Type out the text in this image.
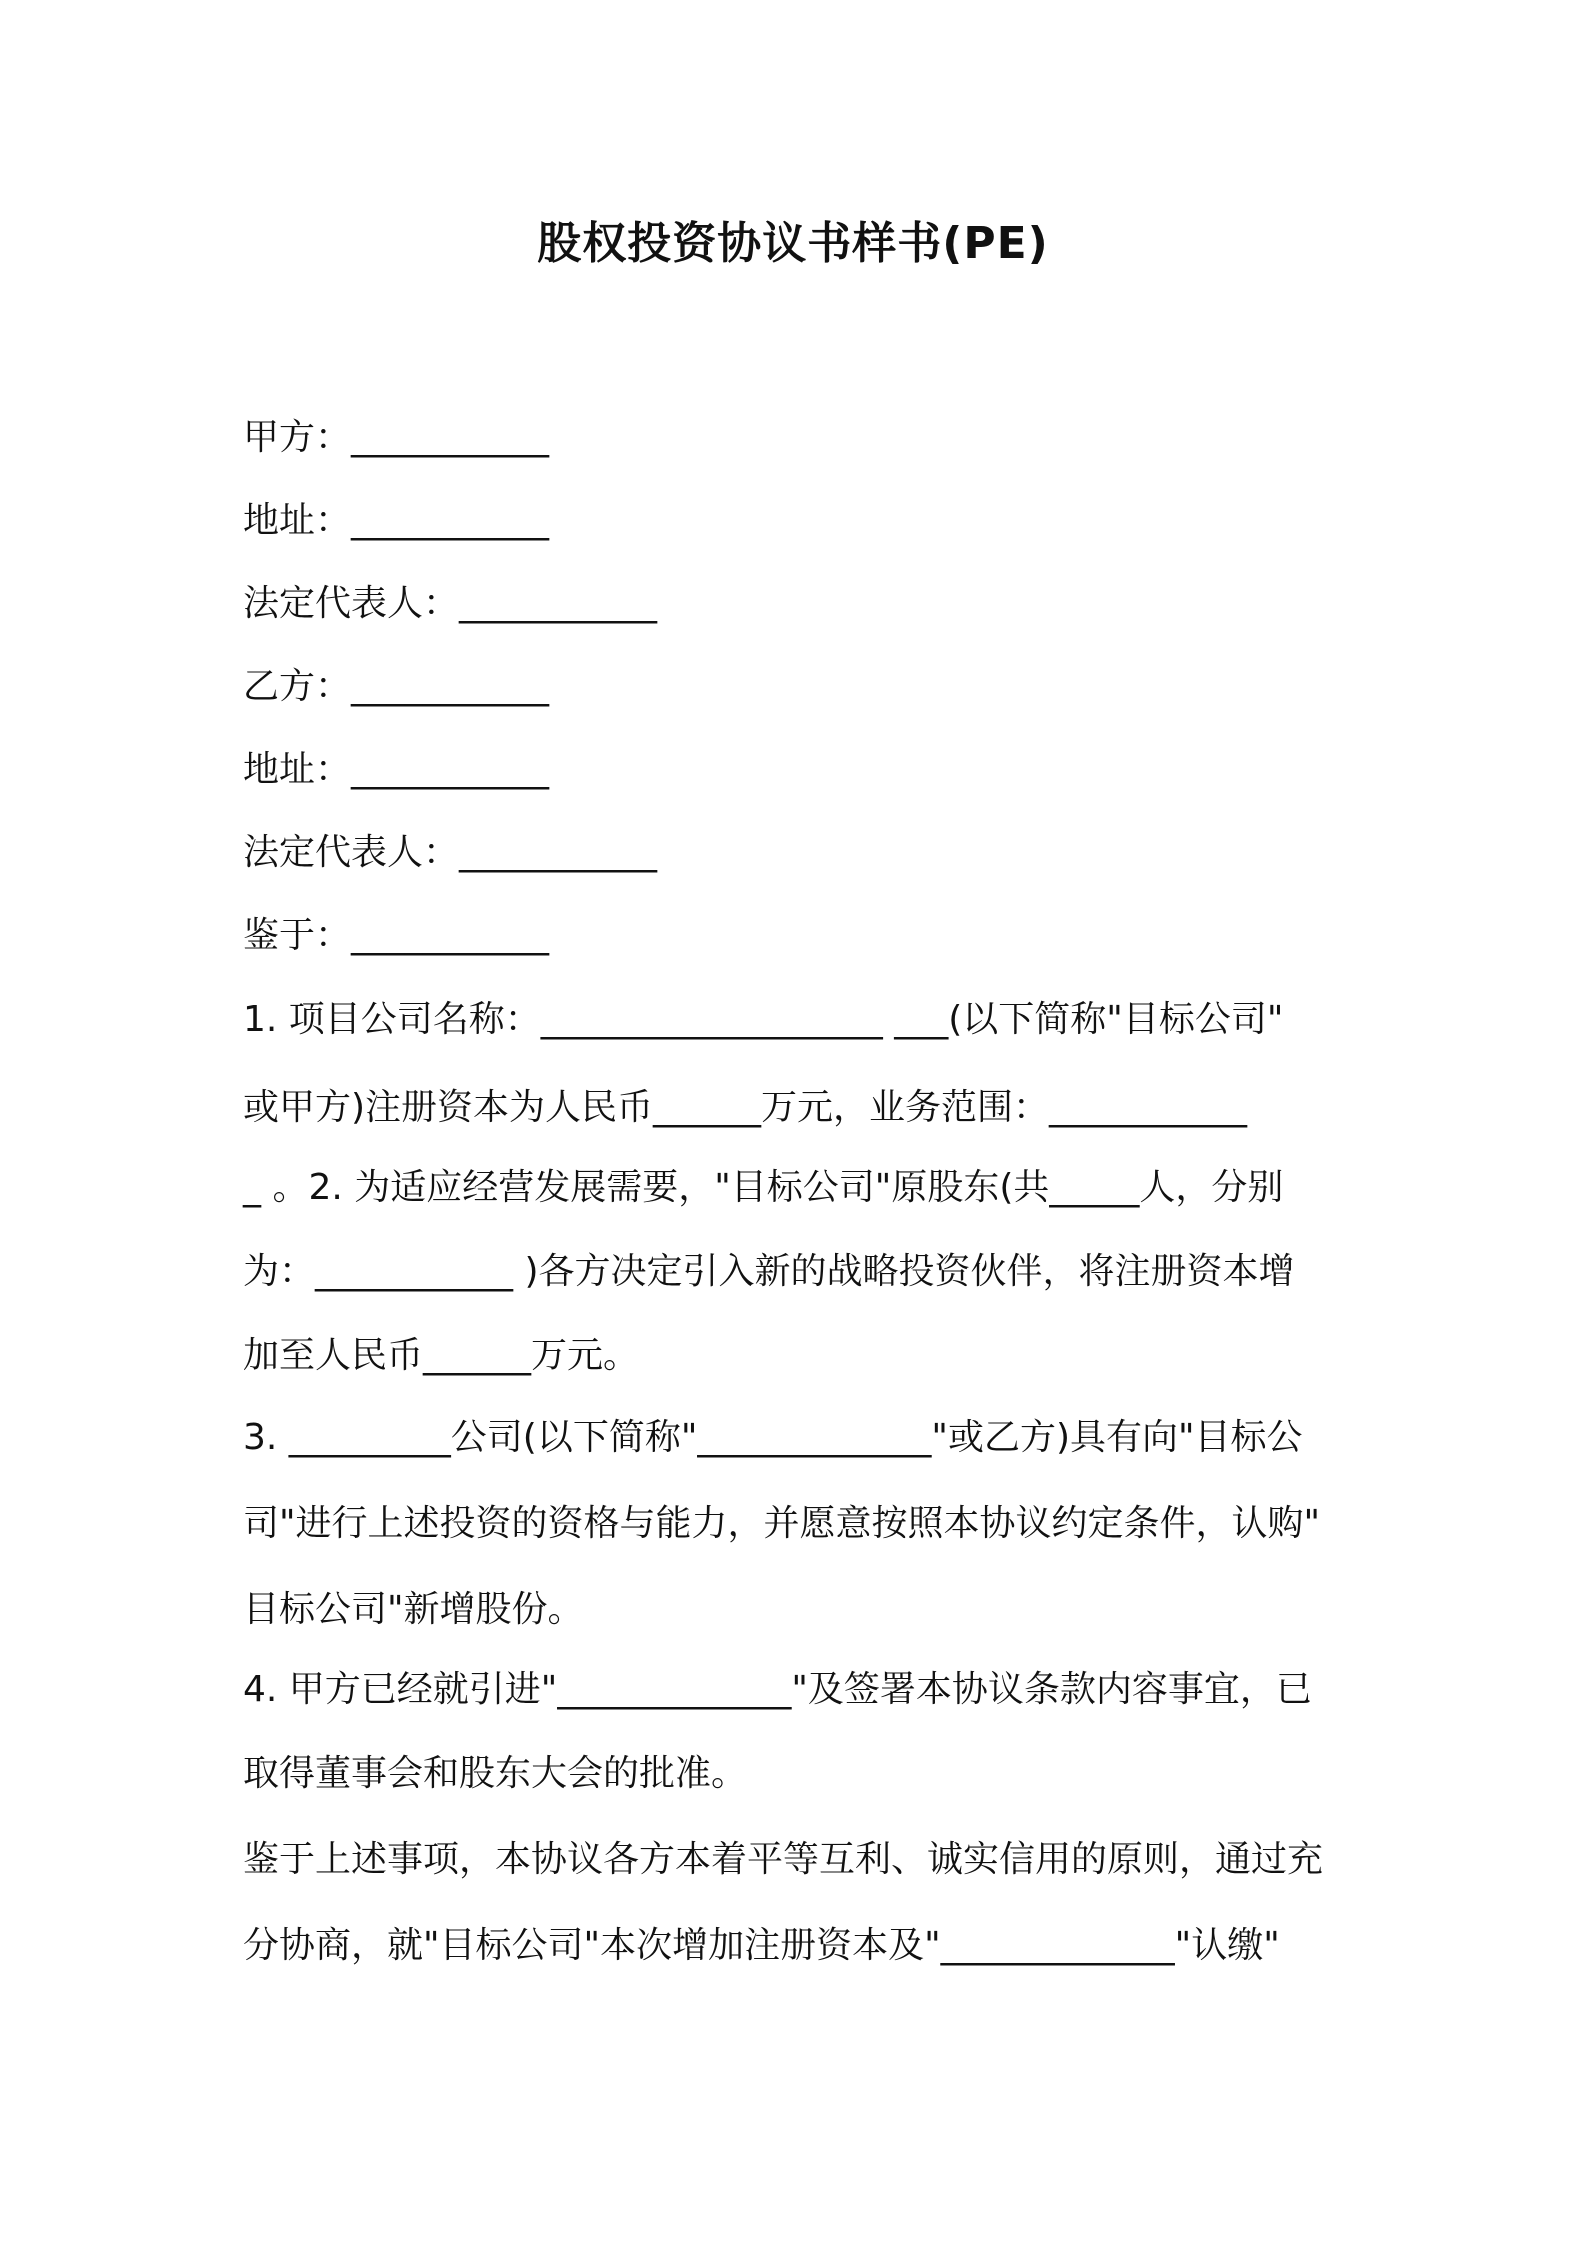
股权投资协议书样书(PE)

甲方：___________

地址：___________

法定代表人：___________

乙方：___________

地址：___________

法定代表人：___________

鉴于：___________

1. 项目公司名称：___________________ ___(以下简称"目标公司"
或甲方)注册资本为人民币______万元，业务范围：___________
_ 。2. 为适应经营发展需要，"目标公司"原股东(共_____人，分别
为：___________ )各方决定引入新的战略投资伙伴，将注册资本增
加至人民币______万元。
3. _________公司(以下简称"_____________"或乙方)具有向"目标公
司"进行上述投资的资格与能力，并愿意按照本协议约定条件，认购"
目标公司"新增股份。
4. 甲方已经就引进"_____________"及签署本协议条款内容事宜，已
取得董事会和股东大会的批准。
鉴于上述事项，本协议各方本着平等互利、诚实信用的原则，通过充
分协商，就"目标公司"本次增加注册资本及"_____________"认缴"
